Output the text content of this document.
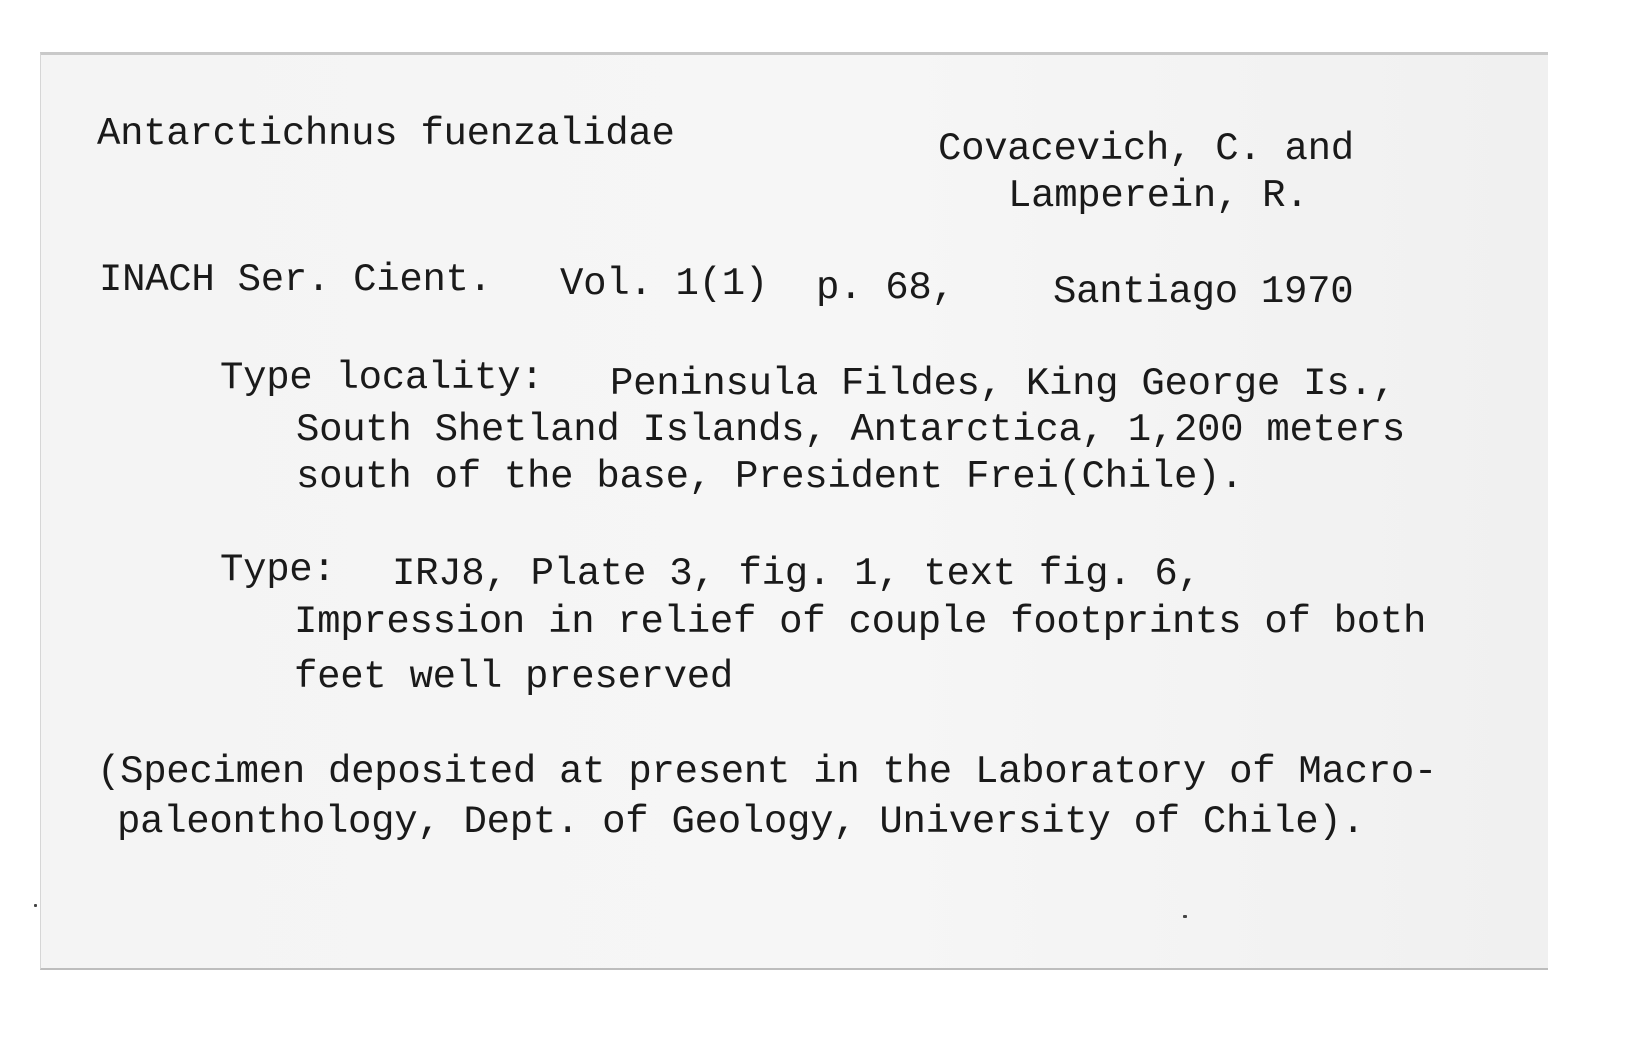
Antarctichnus fuenzalidae	Covacevich, C. and
Lamperein, R.
INACH Ser. Cient. Vol. 1(1) p. 68,	Santiago 1970
Type locality: Peninsula Fildes, King George Is.,
South Shetland Islands, Antarctica, 1,200 meters
south of the base, President Frei(Chile).
Type: IRJ8, Plate 3, fig. 1, text fig. 6,
Impression in relief of couple footprints of both
feet well preserved
(Specimen deposited at present in the Laboratory of Macro-
paleonthology, Dept. of Geology, University of Chile).
